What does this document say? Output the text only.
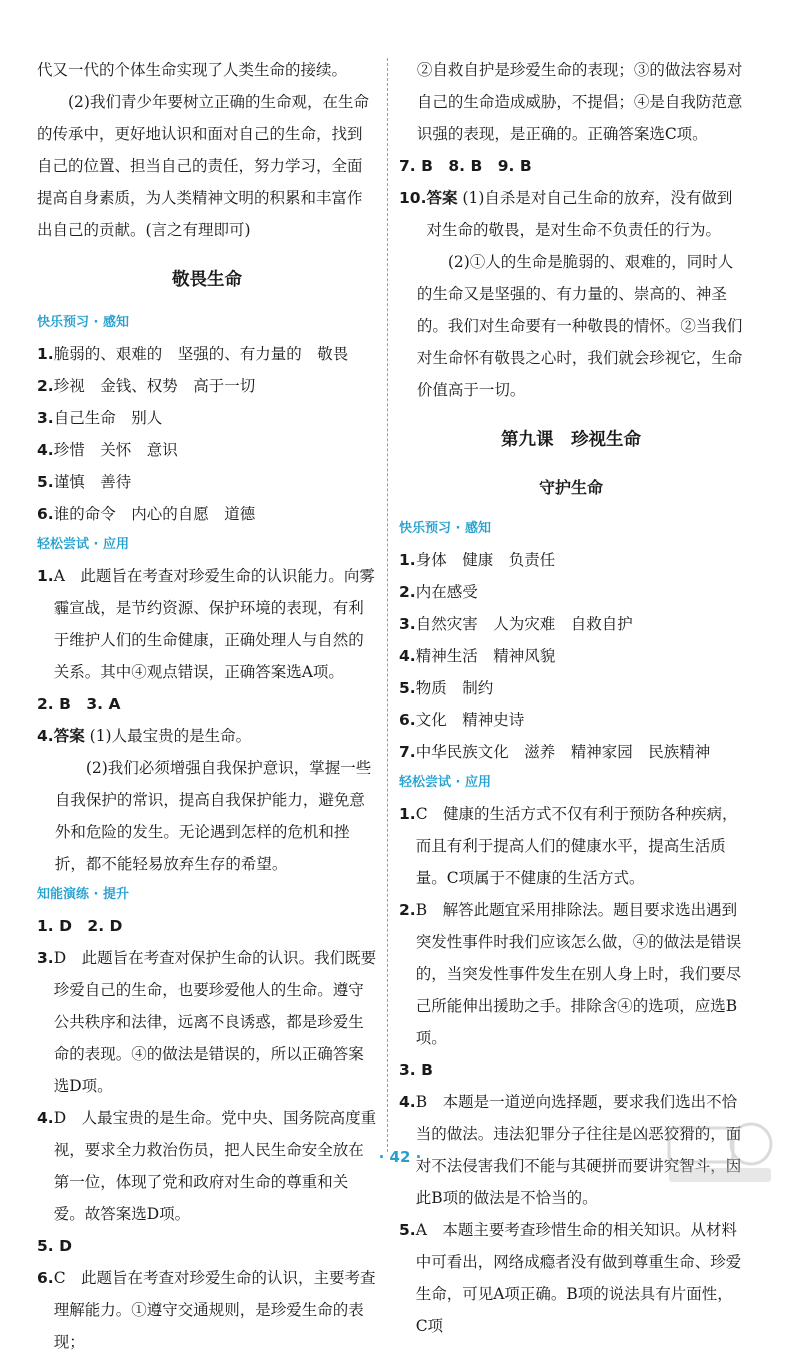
代又一代的个体生命实现了人类生命的接续。

(2)我们青少年要树立正确的生命观，在生命的传承中，更好地认识和面对自己的生命，找到自己的位置、担当自己的责任，努力学习，全面提高自身素质，为人类精神文明的积累和丰富作出自己的贡献。(言之有理即可)

敬畏生命
快乐预习 · 感知
1. 脆弱的、艰难的　坚强的、有力量的　敬畏
2. 珍视　金钱、权势　高于一切
3. 自己生命　别人
4. 珍惜　关怀　意识
5. 谨慎　善待
6. 谁的命令　内心的自愿　道德
轻松尝试 · 应用
1. A　此题旨在考查对珍爱生命的认识能力。向雾霾宣战，是节约资源、保护环境的表现，有利于维护人们的生命健康，正确处理人与自然的关系。其中④观点错误，正确答案选A项。

2. B　3. A

4. 答案 (1)人最宝贵的是生命。

(2)我们必须增强自我保护意识，掌握一些自我保护的常识，提高自我保护能力，避免意外和危险的发生。无论遇到怎样的危机和挫折，都不能轻易放弃生存的希望。

知能演练 · 提升

1. D　2. D

3. D　此题旨在考查对保护生命的认识。我们既要珍爱自己的生命，也要珍爱他人的生命。遵守公共秩序和法律，远离不良诱惑，都是珍爱生命的表现。④的做法是错误的，所以正确答案选D项。
4. D　人最宝贵的是生命。党中央、国务院高度重视，要求全力救治伤员，把人民生命安全放在第一位，体现了党和政府对生命的尊重和关爱。故答案选D项。

5. D

6. C　此题旨在考查对珍爱生命的认识，主要考查理解能力。①遵守交通规则，是珍爱生命的表现；

②自救自护是珍爱生命的表现；③的做法容易对自己的生命造成威胁，不提倡；④是自我防范意识强的表现，是正确的。正确答案选C项。

7. B　8. B　9. B

10. 答案 (1)自杀是对自己生命的放弃，没有做到对生命的敬畏，是对生命不负责任的行为。

(2)①人的生命是脆弱的、艰难的，同时人的生命又是坚强的、有力量的、崇高的、神圣的。我们对生命要有一种敬畏的情怀。②当我们对生命怀有敬畏之心时，我们就会珍视它，生命价值高于一切。

第九课　珍视生命
守护生命
快乐预习 · 感知
1. 身体　健康　负责任
2. 内在感受
3. 自然灾害　人为灾难　自救自护
4. 精神生活　精神风貌
5. 物质　制约
6. 文化　精神史诗
7. 中华民族文化　滋养　精神家园　民族精神
轻松尝试 · 应用
1. C　健康的生活方式不仅有利于预防各种疾病，而且有利于提高人们的健康水平，提高生活质量。C项属于不健康的生活方式。
2. B　解答此题宜采用排除法。题目要求选出遇到突发性事件时我们应该怎么做，④的做法是错误的，当突发性事件发生在别人身上时，我们要尽己所能伸出援助之手。排除含④的选项，应选B项。

3. B

4. B　本题是一道逆向选择题，要求我们选出不恰当的做法。违法犯罪分子往往是凶恶狡猾的，面对不法侵害我们不能与其硬拼而要讲究智斗，因此B项的做法是不恰当的。
5. A　本题主要考查珍惜生命的相关知识。从材料中可看出，网络成瘾者没有做到尊重生命、珍爱生命，可见A项正确。B项的说法具有片面性，C项
· 42 ·
